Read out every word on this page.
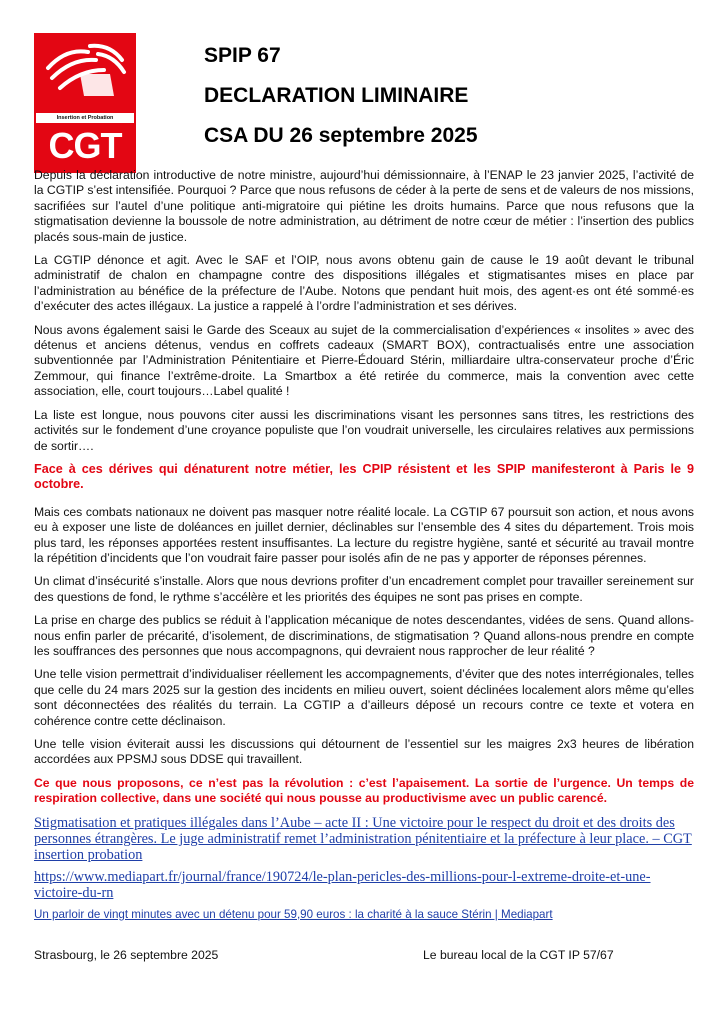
Insertion et Probation
CGT
SPIP 67
DECLARATION LIMINAIRE
CSA DU 26 septembre 2025

Depuis la déclaration introductive de notre ministre, aujourd’hui démissionnaire, à l’ENAP le 23 janvier 2025, l’activité de la CGTIP s’est intensifiée. Pourquoi ? Parce que nous refusons de céder à la perte de sens et de valeurs de nos missions, sacrifiées sur l’autel d’une politique anti-migratoire qui piétine les droits humains. Parce que nous refusons que la stigmatisation devienne la boussole de notre administration, au détriment de notre cœur de métier : l’insertion des publics placés sous-main de justice.

La CGTIP dénonce et agit. Avec le SAF et l’OIP, nous avons obtenu gain de cause le 19 août devant le tribunal administratif de chalon en champagne contre des dispositions illégales et stigmatisantes mises en place par l’administration au bénéfice de la préfecture de l’Aube. Notons que pendant huit mois, des agent·es ont été sommé·es d’exécuter des actes illégaux. La justice a rappelé à l’ordre l’administration et ses dérives.

Nous avons également saisi le Garde des Sceaux au sujet de la commercialisation d’expériences « insolites » avec des détenus et anciens détenus, vendus en coffrets cadeaux (SMART BOX), contractualisés entre une association subventionnée par l’Administration Pénitentiaire et Pierre-Édouard Stérin, milliardaire ultra-conservateur proche d’Éric Zemmour, qui finance l’extrême-droite. La Smartbox a été retirée du commerce, mais la convention avec cette association, elle, court toujours…Label qualité !

La liste est longue, nous pouvons citer aussi les discriminations visant les personnes sans titres, les restrictions des activités sur le fondement d’une croyance populiste que l’on voudrait universelle, les circulaires relatives aux permissions de sortir….

Face à ces dérives qui dénaturent notre métier, les CPIP résistent et les SPIP manifesteront à Paris le 9 octobre.

Mais ces combats nationaux ne doivent pas masquer notre réalité locale. La CGTIP 67 poursuit son action, et nous avons eu à exposer une liste de doléances en juillet dernier, déclinables sur l’ensemble des 4 sites du département. Trois mois plus tard, les réponses apportées restent insuffisantes. La lecture du registre hygiène, santé et sécurité au travail montre la répétition d’incidents que l’on voudrait faire passer pour isolés afin de ne pas y apporter de réponses pérennes.

Un climat d’insécurité s’installe. Alors que nous devrions profiter d’un encadrement complet pour travailler sereinement sur des questions de fond, le rythme s’accélère et les priorités des équipes ne sont pas prises en compte.

La prise en charge des publics se réduit à l’application mécanique de notes descendantes, vidées de sens. Quand allons-nous enfin parler de précarité, d’isolement, de discriminations, de stigmatisation ? Quand allons-nous prendre en compte les souffrances des personnes que nous accompagnons, qui devraient nous rapprocher de leur réalité ?

Une telle vision permettrait d’individualiser réellement les accompagnements, d’éviter que des notes interrégionales, telles que celle du 24 mars 2025 sur la gestion des incidents en milieu ouvert, soient déclinées localement alors même qu’elles sont déconnectées des réalités du terrain. La CGTIP a d’ailleurs déposé un recours contre ce texte et votera en cohérence contre cette déclinaison.

Une telle vision éviterait aussi les discussions qui détournent de l’essentiel sur les maigres 2x3 heures de libération accordées aux PPSMJ sous DDSE qui travaillent.

Ce que nous proposons, ce n’est pas la révolution : c’est l’apaisement. La sortie de l’urgence. Un temps de respiration collective, dans une société qui nous pousse au productivisme avec un public carencé.

Stigmatisation et pratiques illégales dans l’Aube – acte II : Une victoire pour le respect du droit et des droits des personnes étrangères. Le juge administratif remet l’administration pénitentiaire et la préfecture à leur place. – CGT insertion probation

https://www.mediapart.fr/journal/france/190724/le-plan-pericles-des-millions-pour-l-extreme-droite-et-une-victoire-du-rn

Un parloir de vingt minutes avec un détenu pour 59,90 euros : la charité à la sauce Stérin | Mediapart

Strasbourg, le 26 septembre 2025	Le bureau local de la CGT IP 57/67
